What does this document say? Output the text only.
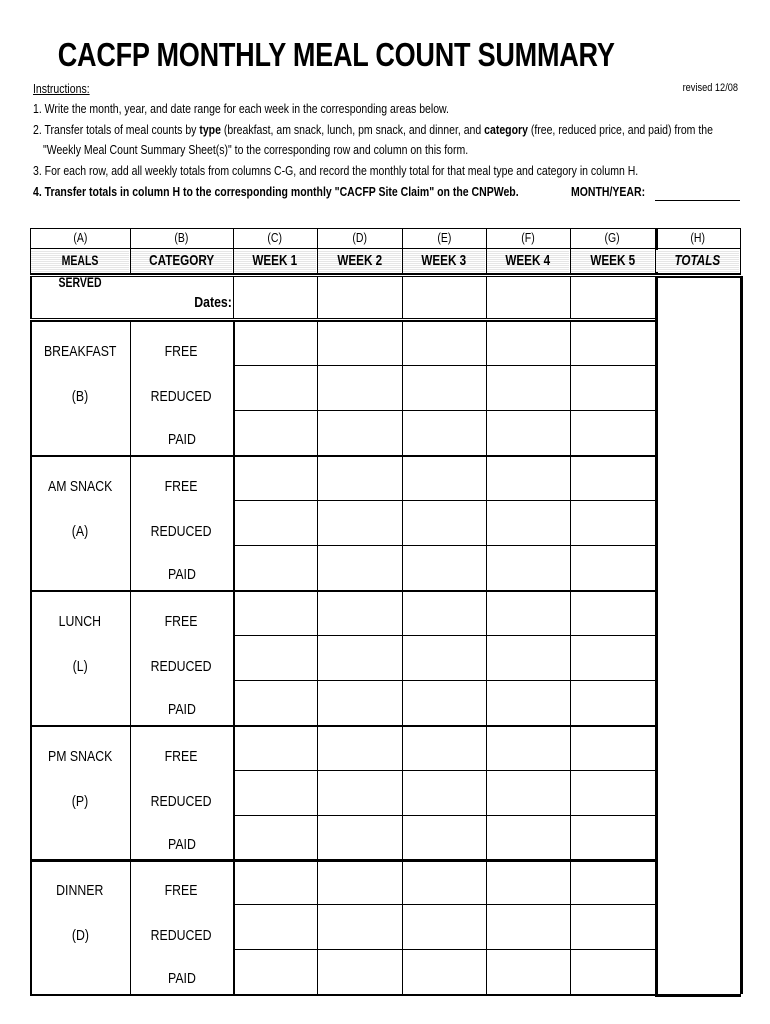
CACFP MONTHLY MEAL COUNT SUMMARY
Instructions:	revised 12/08
1. Write the month, year, and date range for each week in the corresponding areas below.
2. Transfer totals of meal counts by type (breakfast, am snack, lunch, pm snack, and dinner, and category (free, reduced price, and paid) from the
"Weekly Meal Count Summary Sheet(s)" to the corresponding row and column on this form.
3. For each row, add all weekly totals from columns C-G, and record the monthly total for that meal type and category in column H.
4. Transfer totals in column H to the corresponding monthly "CACFP Site Claim" on the CNPWeb.	MONTH/YEAR:
(A)
MEALS SERVED
(B)
CATEGORY
(C)
WEEK 1
(D)
WEEK 2
(E)
WEEK 3
(F)
WEEK 4
(G)
WEEK 5
(H)
TOTALS
Dates:
BREAKFAST
(B)
FREE
REDUCED
PAID
AM SNACK
(A)
FREE
REDUCED
PAID
LUNCH
(L)
FREE
REDUCED
PAID
PM SNACK
(P)
FREE
REDUCED
PAID
DINNER
(D)
FREE
REDUCED
PAID
